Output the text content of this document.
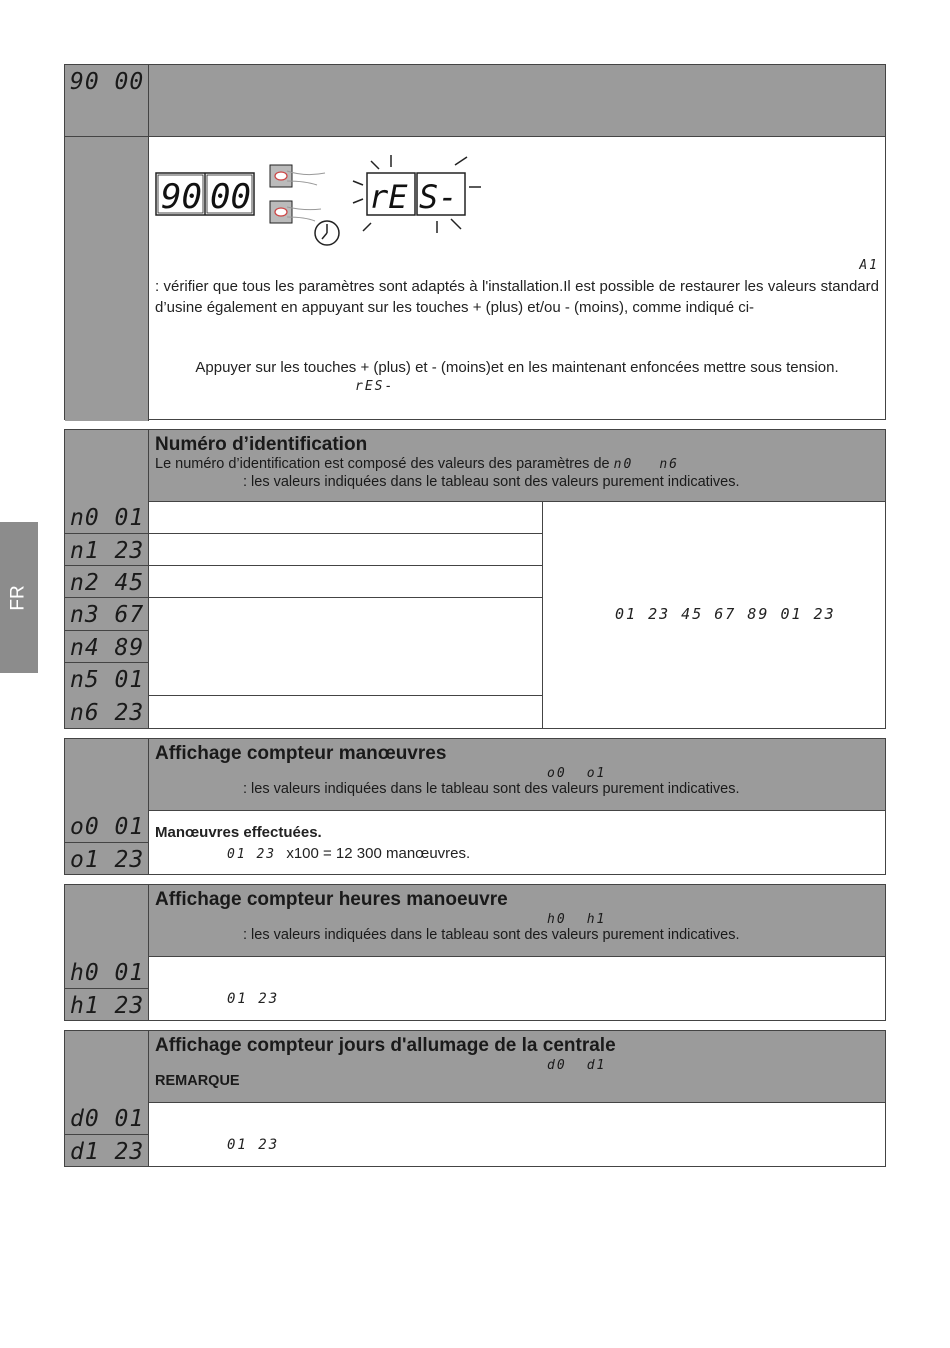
FR
90 00
90 00	rE S-
A1
: vérifier que tous les paramètres sont adaptés à l'installation.Il est possible de restaurer les valeurs standard d’usine également en appuyant sur les touches + (plus) et/ou - (moins), comme indiqué ci-
Appuyer sur les touches + (plus) et - (moins)et en les maintenant enfoncées mettre sous tension.
rES-
Numéro d’identification
Le numéro d’identification est composé des valeurs des paramètres de n0 n6
: les valeurs indiquées dans le tableau sont des valeurs purement indicatives.
n0 01
n1 23
n2 45
n3 67
n4 89
n5 01
n6 23
01 23 45 67 89 01 23
Affichage compteur manœuvres
o0 o1
: les valeurs indiquées dans le tableau sont des valeurs purement indicatives.
o0 01
o1 23
Manœuvres effectuées.
01 23 x100 = 12 300 manœuvres.
Affichage compteur heures manoeuvre
h0 h1
: les valeurs indiquées dans le tableau sont des valeurs purement indicatives.
h0 01
h1 23	01 23
Affichage compteur jours d'allumage de la centrale
d0 d1
REMARQUE
d0 01
d1 23	01 23
